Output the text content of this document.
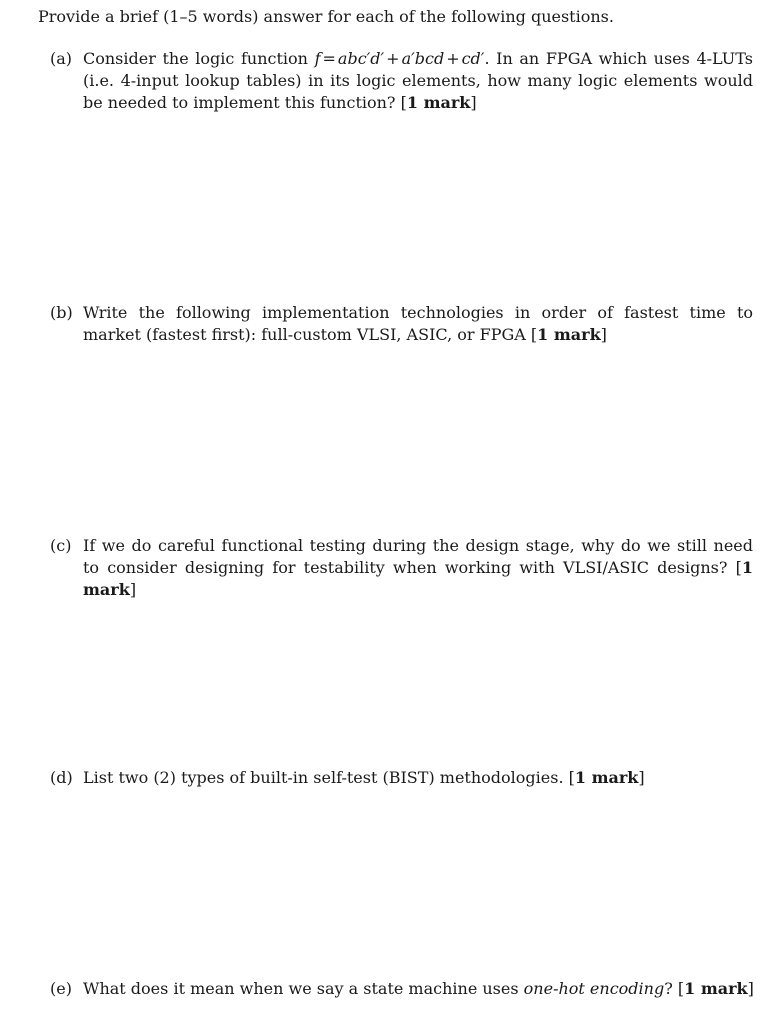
Provide a brief (1–5 words) answer for each of the following questions.
(a) Consider the logic function f = abc′d′ + a′bcd + cd′. In an FPGA which uses 4-LUTs (i.e. 4-input lookup tables) in its logic elements, how many logic elements would be needed to implement this function? [1 mark]
(b) Write the following implementation technologies in order of fastest time to market (fastest first): full-custom VLSI, ASIC, or FPGA [1 mark]
(c) If we do careful functional testing during the design stage, why do we still need to consider designing for testability when working with VLSI/ASIC designs? [1 mark]
(d) List two (2) types of built-in self-test (BIST) methodologies. [1 mark]
(e) What does it mean when we say a state machine uses one-hot encoding? [1 mark]
